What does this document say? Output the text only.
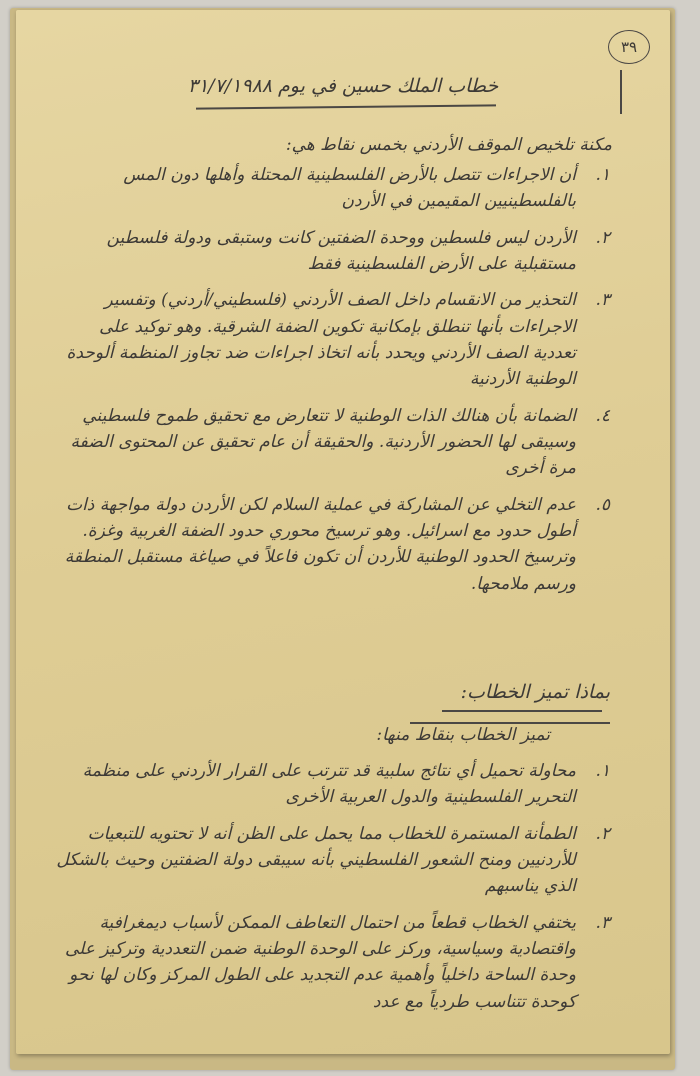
٣٩
خطاب الملك حسين في يوم ٣١/٧/١٩٨٨
مكنة تلخيص الموقف الأردني بخمس نقاط هي:
١.
أن الاجراءات تتصل بالأرض الفلسطينية المحتلة وأهلها دون المس بالفلسطينيين المقيمين في الأردن
٢.
الأردن ليس فلسطين ووحدة الضفتين كانت وستبقى ودولة فلسطين مستقبلية على الأرض الفلسطينية فقط
٣.
التحذير من الانقسام داخل الصف الأردني (فلسطيني/أردني) وتفسير الاجراءات بأنها تنطلق بإمكانية تكوين الضفة الشرقية. وهو توكيد على تعددية الصف الأردني ويحدد بأنه اتخاذ اجراءات ضد تجاوز المنظمة ألوحدة الوطنية الأردنية
٤.
الضمانة بأن هنالك الذات الوطنية لا تتعارض مع تحقيق طموح فلسطيني وسيبقى لها الحضور الأردنية. والحقيقة أن عام تحقيق عن المحتوى الضفة مرة أخرى
٥.
عدم التخلي عن المشاركة في عملية السلام لكن الأردن دولة مواجهة ذات أطول حدود مع اسرائيل. وهو ترسيخ محوري حدود الضفة الغربية وغزة. وترسيخ الحدود الوطنية للأردن أن تكون فاعلاً في صياغة مستقبل المنطقة ورسم ملامحها.
بماذا تميز الخطاب:
تميز الخطاب بنقاط منها:
١.
محاولة تحميل أي نتائج سلبية قد تترتب على القرار الأردني على منظمة التحرير الفلسطينية والدول العربية الأخرى
٢.
الطمأنة المستمرة للخطاب مما يحمل على الظن أنه لا تحتويه للتبعيات للأردنيين ومنح الشعور الفلسطيني بأنه سيبقى دولة الضفتين وحيث بالشكل الذي يناسبهم
٣.
يختفي الخطاب قطعاً من احتمال التعاطف الممكن لأسباب ديمغرافية واقتصادية وسياسية، وركز على الوحدة الوطنية ضمن التعددية وتركيز على وحدة الساحة داخلياً وأهمية عدم التجديد على الطول المركز وكان لها نحو كوحدة تتناسب طردياً مع عدد
